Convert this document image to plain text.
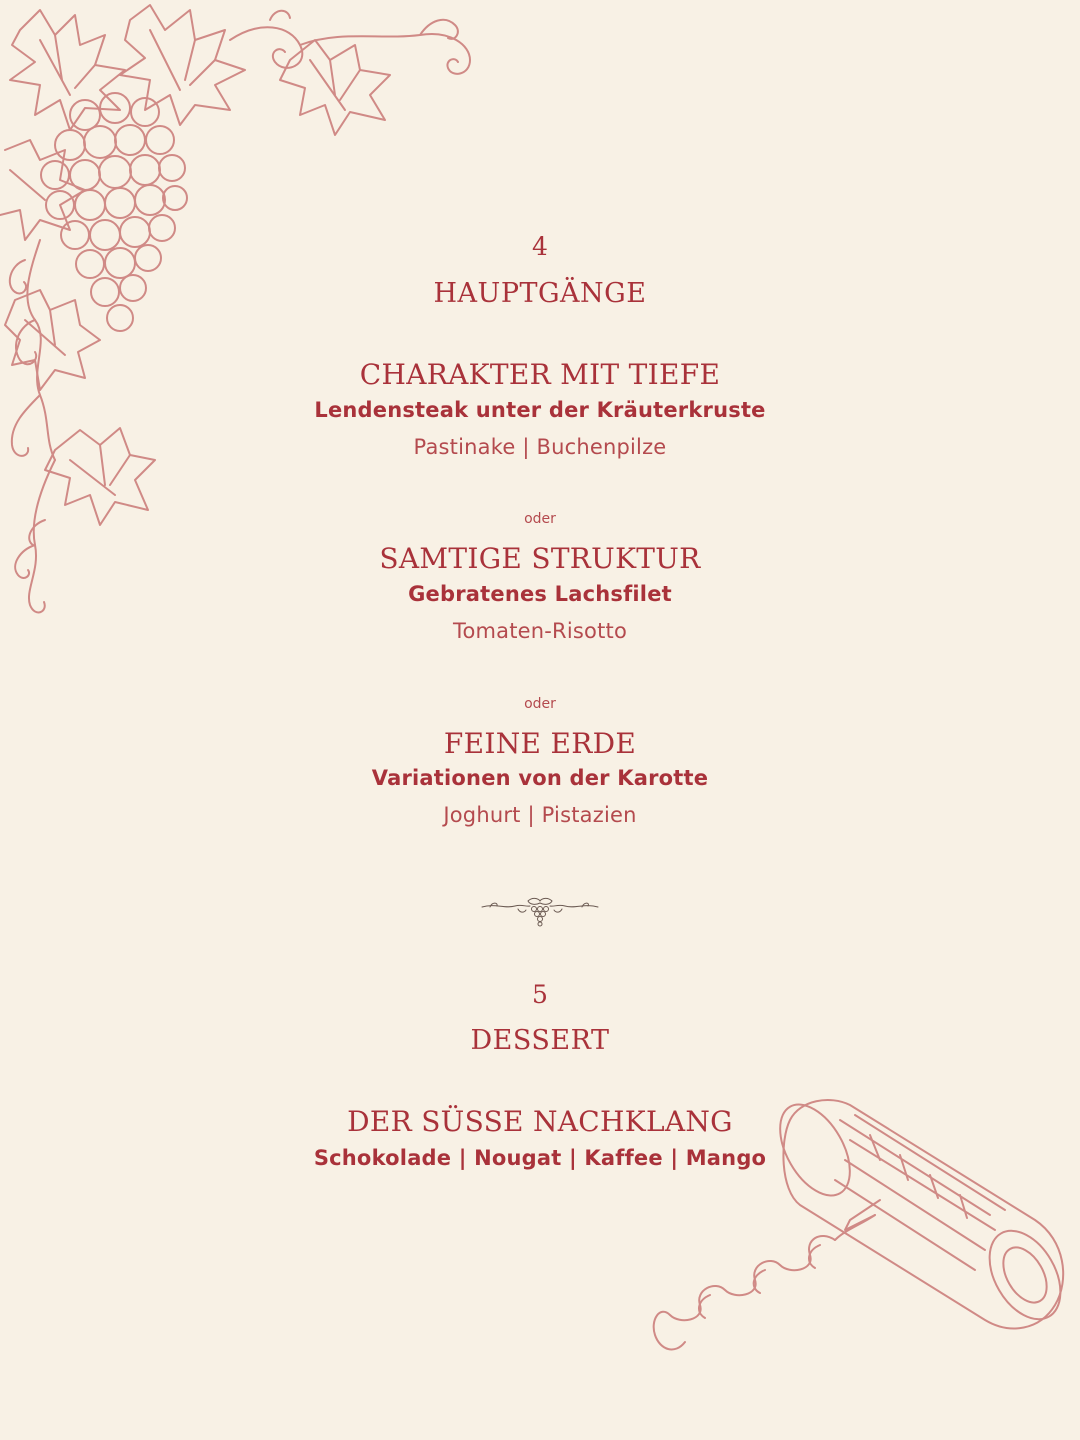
4
HAUPTGÄNGE
CHARAKTER MIT TIEFE
Lendensteak unter der Kräuterkruste
Pastinake | Buchenpilze
oder
SAMTIGE STRUKTUR
Gebratenes Lachsfilet
Tomaten-Risotto
oder
FEINE ERDE
Variationen von der Karotte
Joghurt | Pistazien
5
DESSERT
DER SÜSSE NACHKLANG
Schokolade | Nougat | Kaffee | Mango
